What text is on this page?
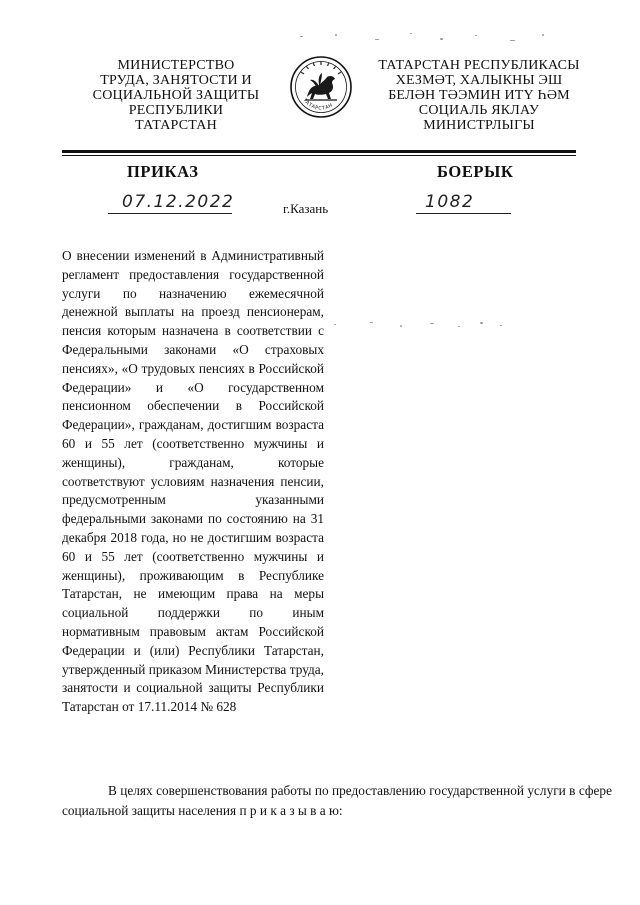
МИНИСТЕРСТВО
ТРУДА, ЗАНЯТОСТИ И
СОЦИАЛЬНОЙ ЗАЩИТЫ
РЕСПУБЛИКИ
ТАТАРСТАН
ТАТАРСТАН
ТАТАРСТАН РЕСПУБЛИКАСЫ
ХЕЗМӘТ, ХАЛЫКНЫ ЭШ
БЕЛӘН ТӘЭМИН ИТҮ ҺӘМ
СОЦИАЛЬ ЯКЛАУ
МИНИСТРЛЫГЫ
ПРИКАЗ	БОЕРЫК
07.12.2022	г.Казань	1082
О внесении изменений в Административный регламент предоставления государственной услуги по назначению ежемесячной денежной выплаты на проезд пенсионерам, пенсия которым назначена в соответствии с Федеральными законами «О страховых пенсиях», «О трудовых пенсиях в Российской Федерации» и «О государственном пенсионном обеспечении в Российской Федерации», гражданам, достигшим возраста 60 и 55 лет (соответственно мужчины и женщины), гражданам, которые соответствуют условиям назначения пенсии, предусмотренным указанными федеральными законами по состоянию на 31 декабря 2018 года, но не достигшим возраста 60 и 55 лет (соответственно мужчины и женщины), проживающим в Республике Татарстан, не имеющим права на меры социальной поддержки по иным нормативным правовым актам Российской Федерации и (или) Республики Татарстан, утвержденный приказом Министерства труда, занятости и социальной защиты Республики Татарстан от 17.11.2014 № 628
В целях совершенствования работы по предоставлению государственной услуги в сфере социальной защиты населения п р и к а з ы в а ю:
